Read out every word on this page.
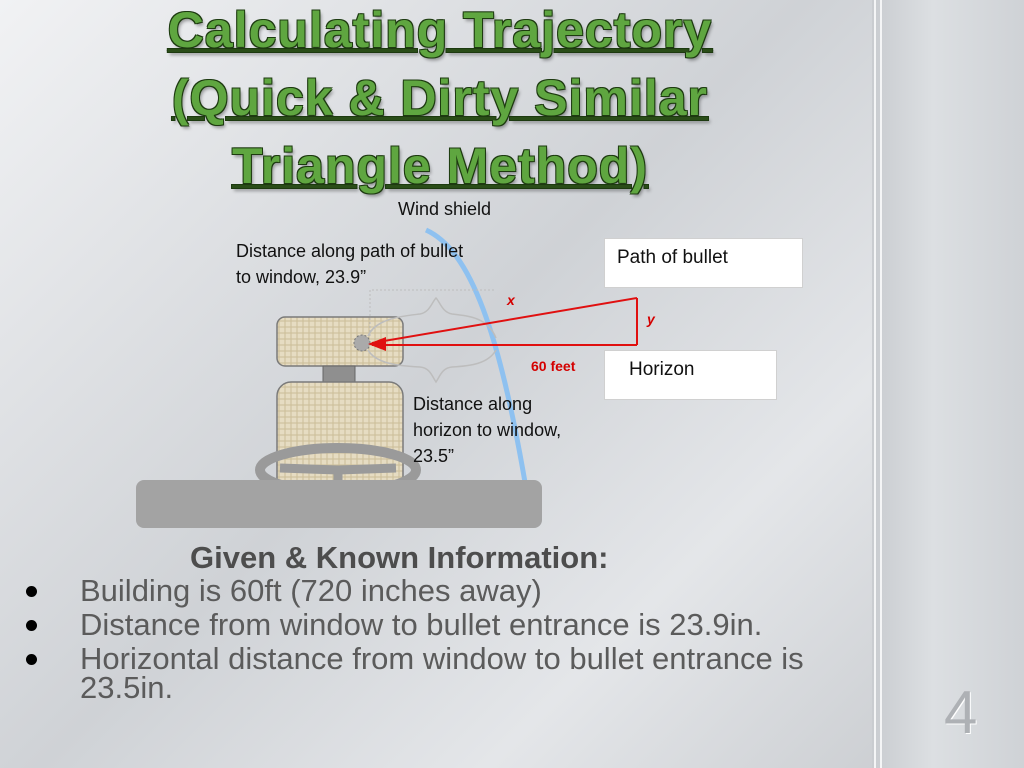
Calculating Trajectory (Quick & Dirty Similar Triangle Method)
Wind shield
Distance along path of bullet to window, 23.9”
Distance along horizon to window, 23.5”
Path of bullet
Horizon
x
y
60 feet
Given & Known Information:
Building is 60ft (720 inches away)
Distance from window to bullet entrance is 23.9in.
Horizontal distance from window to bullet entrance is 23.5in.	4
